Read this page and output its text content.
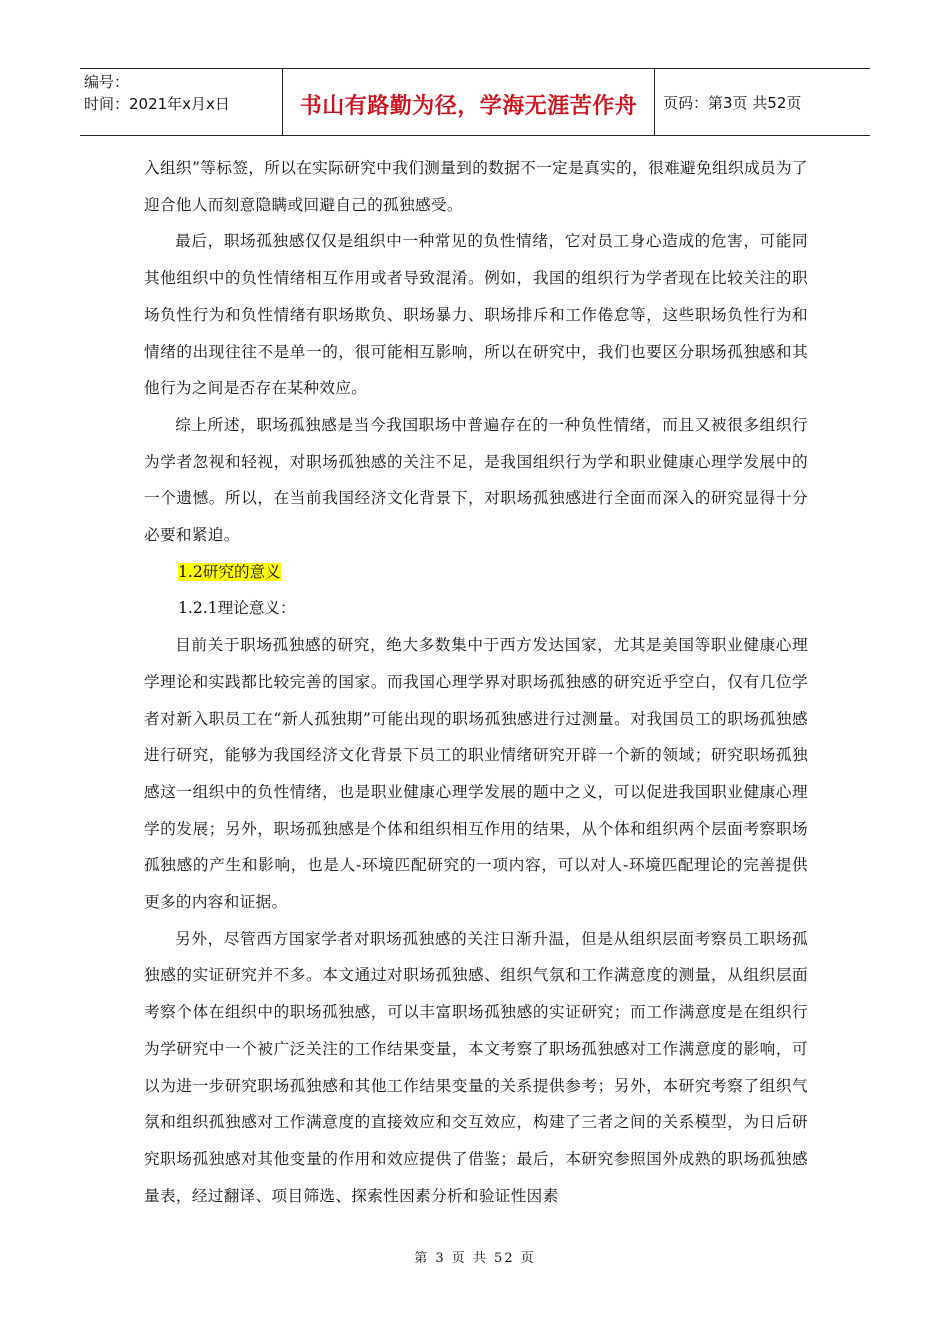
编号：
时间：2021年x月x日	书山有路勤为径，学海无涯苦作舟 页码：第3页 共52页

入组织”等标签，所以在实际研究中我们测量到的数据不一定是真实的，很难避免组织成员为了迎合他人而刻意隐瞒或回避自己的孤独感受。

最后，职场孤独感仅仅是组织中一种常见的负性情绪，它对员工身心造成的危害，可能同其他组织中的负性情绪相互作用或者导致混淆。例如，我国的组织行为学者现在比较关注的职场负性行为和负性情绪有职场欺负、职场暴力、职场排斥和工作倦怠等，这些职场负性行为和情绪的出现往往不是单一的，很可能相互影响，所以在研究中，我们也要区分职场孤独感和其他行为之间是否存在某种效应。

综上所述，职场孤独感是当今我国职场中普遍存在的一种负性情绪，而且又被很多组织行为学者忽视和轻视，对职场孤独感的关注不足，是我国组织行为学和职业健康心理学发展中的一个遗憾。所以，在当前我国经济文化背景下，对职场孤独感进行全面而深入的研究显得十分必要和紧迫。

1.2研究的意义

1.2.1理论意义：

目前关于职场孤独感的研究，绝大多数集中于西方发达国家，尤其是美国等职业健康心理学理论和实践都比较完善的国家。而我国心理学界对职场孤独感的研究近乎空白，仅有几位学者对新入职员工在“新人孤独期”可能出现的职场孤独感进行过测量。对我国员工的职场孤独感进行研究，能够为我国经济文化背景下员工的职业情绪研究开辟一个新的领域；研究职场孤独感这一组织中的负性情绪，也是职业健康心理学发展的题中之义，可以促进我国职业健康心理学的发展；另外，职场孤独感是个体和组织相互作用的结果，从个体和组织两个层面考察职场孤独感的产生和影响，也是人-环境匹配研究的一项内容，可以对人-环境匹配理论的完善提供更多的内容和证据。

另外，尽管西方国家学者对职场孤独感的关注日渐升温，但是从组织层面考察员工职场孤独感的实证研究并不多。本文通过对职场孤独感、组织气氛和工作满意度的测量，从组织层面考察个体在组织中的职场孤独感，可以丰富职场孤独感的实证研究；而工作满意度是在组织行为学研究中一个被广泛关注的工作结果变量，本文考察了职场孤独感对工作满意度的影响，可以为进一步研究职场孤独感和其他工作结果变量的关系提供参考；另外，本研究考察了组织气氛和组织孤独感对工作满意度的直接效应和交互效应，构建了三者之间的关系模型，为日后研究职场孤独感对其他变量的作用和效应提供了借鉴；最后，本研究参照国外成熟的职场孤独感量表，经过翻译、项目筛选、探索性因素分析和验证性因素

第 3 页 共 52 页
